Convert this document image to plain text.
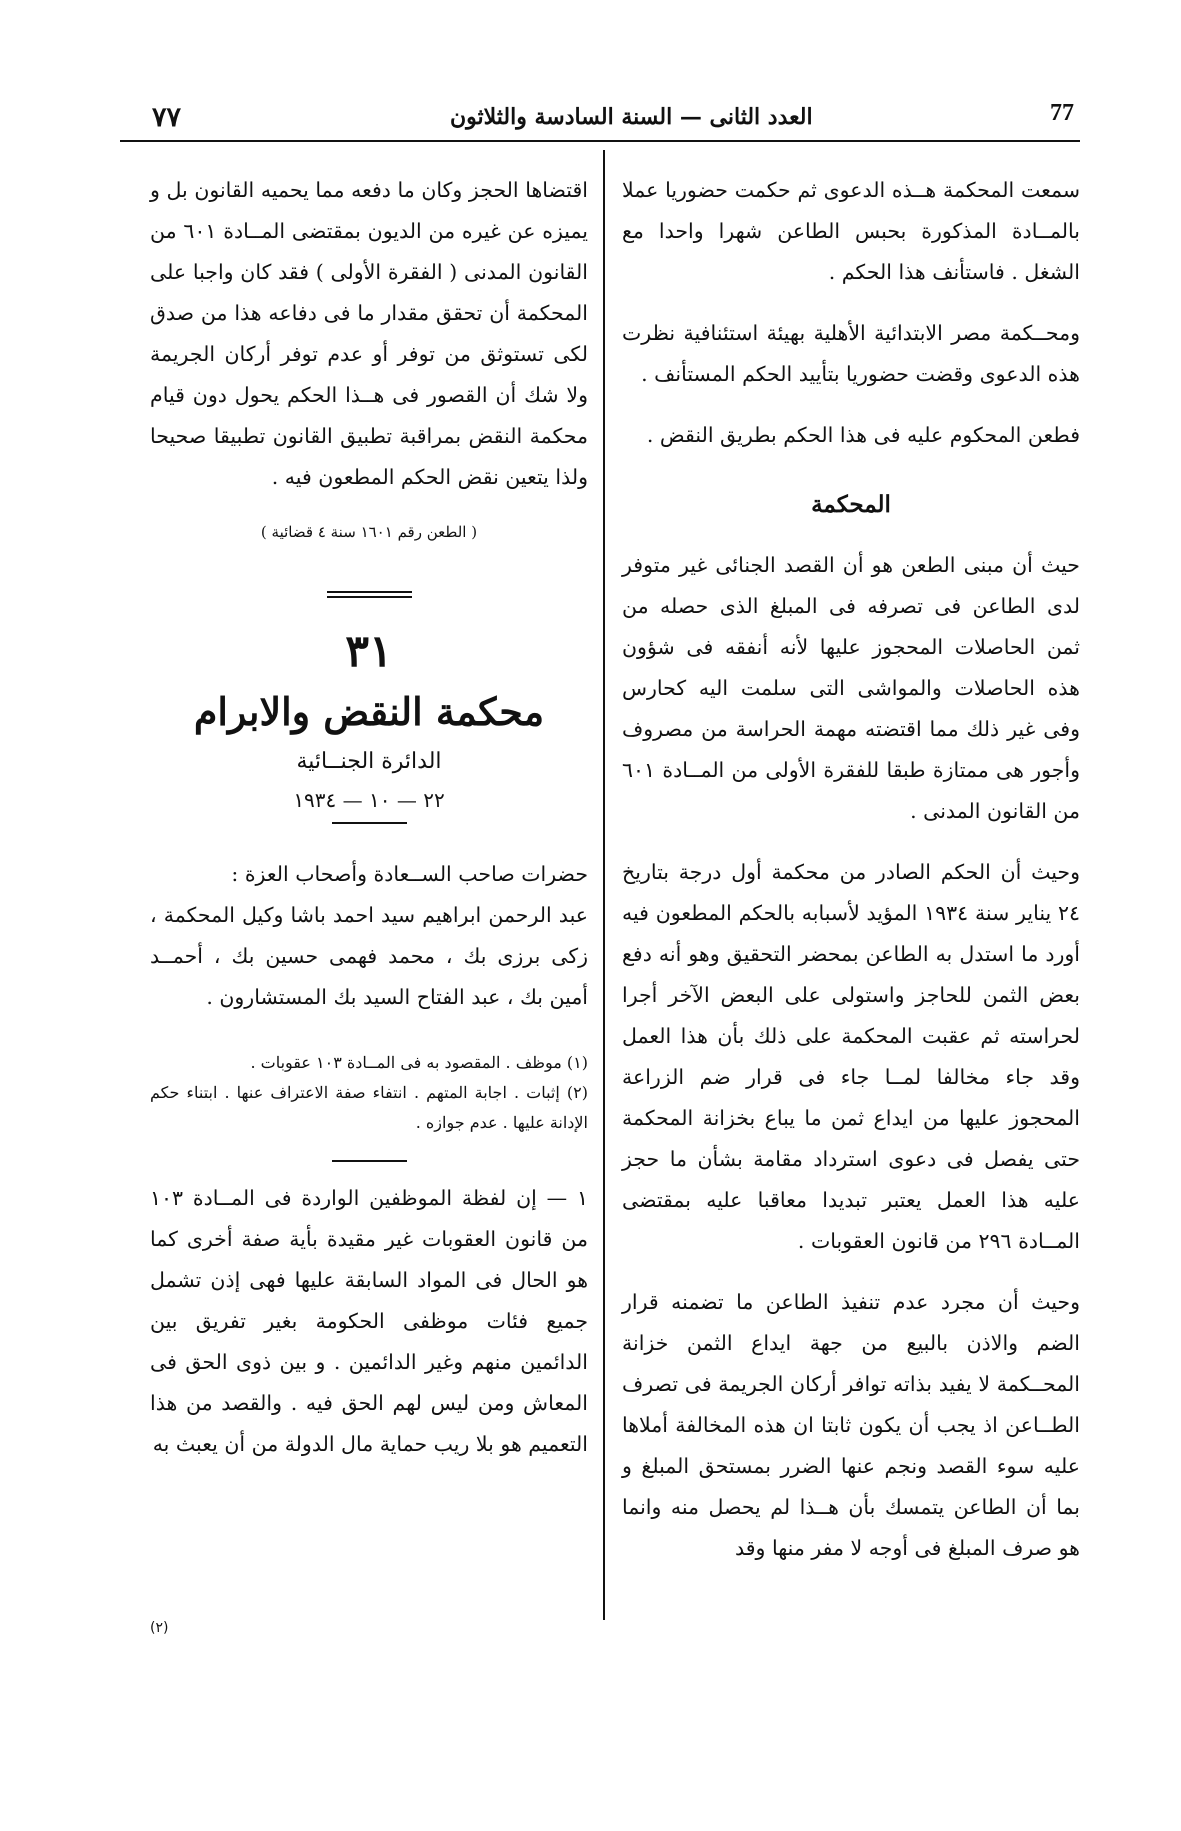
٧٧	العدد الثانى — السنة السادسة والثلاثون	77

سمعت المحكمة هــذه الدعوى ثم حكمت حضوريا عملا بالمــادة المذكورة بحبس الطاعن شهرا واحدا مع الشغل . فاستأنف هذا الحكم .

ومحــكمة مصر الابتدائية الأهلية بهيئة استئنافية نظرت هذه الدعوى وقضت حضوريا بتأييد الحكم المستأنف .

فطعن المحكوم عليه فى هذا الحكم بطريق النقض .

المحكمة

حيث أن مبنى الطعن هو أن القصد الجنائى غير متوفر لدى الطاعن فى تصرفه فى المبلغ الذى حصله من ثمن الحاصلات المحجوز عليها لأنه أنفقه فى شؤون هذه الحاصلات والمواشى التى سلمت اليه كحارس وفى غير ذلك مما اقتضته مهمة الحراسة من مصروف وأجور هى ممتازة طبقا للفقرة الأولى من المــادة ٦٠١ من القانون المدنى .

وحيث أن الحكم الصادر من محكمة أول درجة بتاريخ ٢٤ يناير سنة ١٩٣٤ المؤيد لأسبابه بالحكم المطعون فيه أورد ما استدل به الطاعن بمحضر التحقيق وهو أنه دفع بعض الثمن للحاجز واستولى على البعض الآخر أجرا لحراسته ثم عقبت المحكمة على ذلك بأن هذا العمل وقد جاء مخالفا لمــا جاء فى قرار ضم الزراعة المحجوز عليها من ايداع ثمن ما يباع بخزانة المحكمة حتى يفصل فى دعوى استرداد مقامة بشأن ما حجز عليه هذا العمل يعتبر تبديدا معاقبا عليه بمقتضى المــادة ٢٩٦ من قانون العقوبات .

وحيث أن مجرد عدم تنفيذ الطاعن ما تضمنه قرار الضم والاذن بالبيع من جهة ايداع الثمن خزانة المحــكمة لا يفيد بذاته توافر أركان الجريمة فى تصرف الطــاعن اذ يجب أن يكون ثابتا ان هذه المخالفة أملاها عليه سوء القصد ونجم عنها الضرر بمستحق المبلغ و بما أن الطاعن يتمسك بأن هــذا لم يحصل منه وانما هو صرف المبلغ فى أوجه لا مفر منها وقد

اقتضاها الحجز وكان ما دفعه مما يحميه القانون بل و يميزه عن غيره من الديون بمقتضى المــادة ٦٠١ من القانون المدنى ( الفقرة الأولى ) فقد كان واجبا على المحكمة أن تحقق مقدار ما فى دفاعه هذا من صدق لكى تستوثق من توفر أو عدم توفر أركان الجريمة ولا شك أن القصور فى هــذا الحكم يحول دون قيام محكمة النقض بمراقبة تطبيق القانون تطبيقا صحيحا ولذا يتعين نقض الحكم المطعون فيه .

( الطعن رقم ١٦٠١ سنة ٤ قضائية )
٣١
محكمة النقض والابرام
الدائرة الجنــائية
٢٢ — ١٠ — ١٩٣٤

حضرات صاحب الســعادة وأصحاب العزة :

عبد الرحمن ابراهيم سيد احمد باشا وكيل المحكمة ، زكى برزى بك ، محمد فهمى حسين بك ، أحمــد أمين بك ، عبد الفتاح السيد بك المستشارون .

(١) موظف . المقصود به فى المــادة ١٠٣ عقوبات .

(٢) إثبات . اجابة المتهم . انتفاء صفة الاعتراف عنها . ابتناء حكم الإدانة عليها . عدم جوازه .

١ — إن لفظة الموظفين الواردة فى المــادة ١٠٣ من قانون العقوبات غير مقيدة بأية صفة أخرى كما هو الحال فى المواد السابقة عليها فهى إذن تشمل جميع فئات موظفى الحكومة بغير تفريق بين الدائمين منهم وغير الدائمين . و بين ذوى الحق فى المعاش ومن ليس لهم الحق فيه . والقصد من هذا التعميم هو بلا ريب حماية مال الدولة من أن يعبث به

(٢)
